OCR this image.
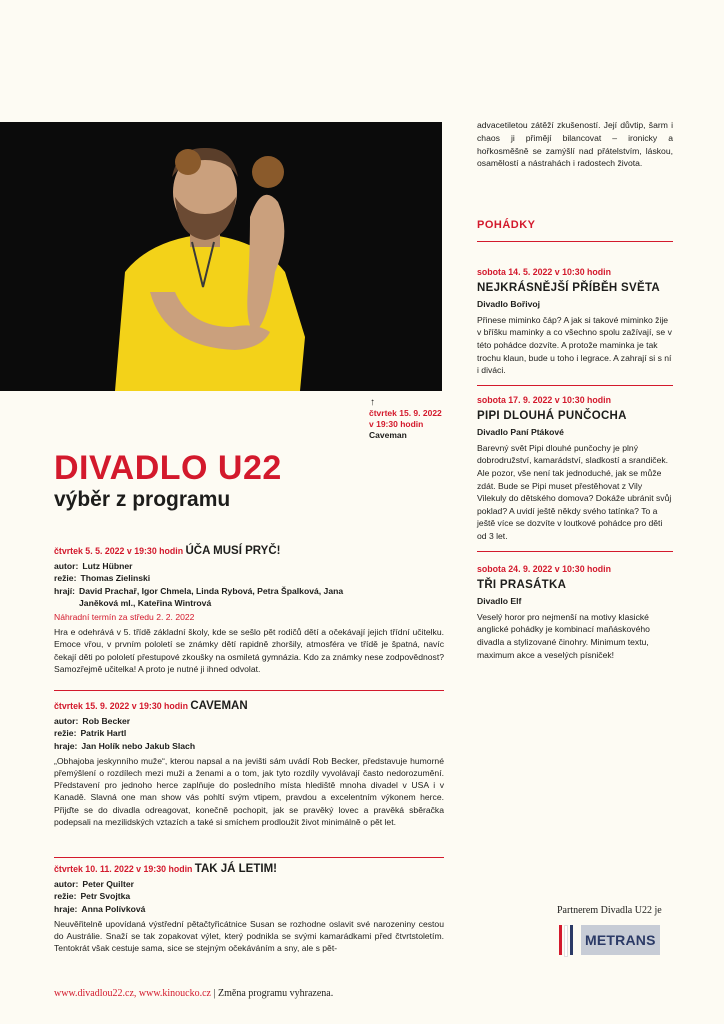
↑
čtvrtek 15. 9. 2022
v 19:30 hodin
Caveman
DIVADLO U22
výběr z programu
čtvrtek 5. 5. 2022 v 19:30 hodin ÚČA MUSÍ PRYČ!
autor: Lutz Hübner
režie: Thomas Zielinski
hrají: David Prachař, Igor Chmela, Linda Rybová, Petra Špalková, Jana Janěková ml., Kateřina Wintrová
Náhradní termín za středu 2. 2. 2022
Hra e odehrává v 5. třídě základní školy, kde se sešlo pět rodičů dětí a očekávají jejich třídní učitelku. Emoce vřou, v prvním pololetí se známky dětí rapidně zhoršily, atmosféra ve třídě je špatná, navíc čekají děti po pololetí přestupové zkoušky na osmiletá gymnázia. Kdo za známky nese zodpovědnost? Samozřejmě učitelka! A proto je nutné ji ihned odvolat.
čtvrtek 15. 9. 2022 v 19:30 hodin CAVEMAN
autor: Rob Becker
režie: Patrik Hartl
hraje: Jan Holík nebo Jakub Slach
„Obhajoba jeskynního muže“, kterou napsal a na jevišti sám uvádí Rob Becker, představuje humorné přemýšlení o rozdílech mezi muži a ženami a o tom, jak tyto rozdíly vyvolávají často nedorozumění. Představení pro jednoho herce zaplňuje do posledního místa hlediště mnoha divadel v USA i v Kanadě. Slavná one man show vás pohltí svým vtipem, pravdou a excelentním výkonem herce. Přijďte se do divadla odreagovat, konečně pochopit, jak se pravěký lovec a pravěká sběračka podepsali na mezilidských vztazích a také si smíchem prodloužit život minimálně o pět let.
čtvrtek 10. 11. 2022 v 19:30 hodin TAK JÁ LETIM!
autor: Peter Quilter
režie: Petr Svojtka
hraje: Anna Polívková
Neuvěřitelně upovídaná výstřední pětačtyřicátnice Susan se rozhodne oslavit své narozeniny cestou do Austrálie. Snaží se tak zopakovat výlet, který podnikla se svými kamarádkami před čtvrtstoletím. Tentokrát však cestuje sama, sice se stejným očekáváním a sny, ale s pět-
advacetiletou zátěží zkušeností. Její důvtip, šarm i chaos ji přimějí bilancovat – ironicky a hořkosměšně se zamýšlí nad přátelstvím, láskou, osamělostí a nástrahách i radostech života.
POHÁDKY
sobota 14. 5. 2022 v 10:30 hodin
NEJKRÁSNĚJŠÍ PŘÍBĚH SVĚTA
Divadlo Bořivoj
Přinese miminko čáp? A jak si takové miminko žije v bříšku maminky a co všechno spolu zažívají, se v této pohádce dozvíte. A protože maminka je tak trochu klaun, bude u toho i legrace. A zahrají si s ní i diváci.
sobota 17. 9. 2022 v 10:30 hodin
PIPI DLOUHÁ PUNČOCHA
Divadlo Paní Ptákové
Barevný svět Pipi dlouhé punčochy je plný dobrodružství, kamarádství, sladkostí a srandiček. Ale pozor, vše není tak jednoduché, jak se může zdát. Bude se Pipi muset přestěhovat z Vily Vilekuly do dětského domova? Dokáže ubránit svůj poklad? A uvidí ještě někdy svého tatínka? To a ještě více se dozvíte v loutkové pohádce pro děti od 3 let.
sobota 24. 9. 2022 v 10:30 hodin
TŘI PRASÁTKA
Divadlo Elf
Veselý horor pro nejmenší na motivy klasické anglické pohádky je kombinací maňáskového divadla a stylizované činohry. Minimum textu, maximum akce a veselých písniček!
Partnerem Divadla U22 je
METRANS
www.divadlou22.cz, www.kinoucko.cz | Změna programu vyhrazena.
